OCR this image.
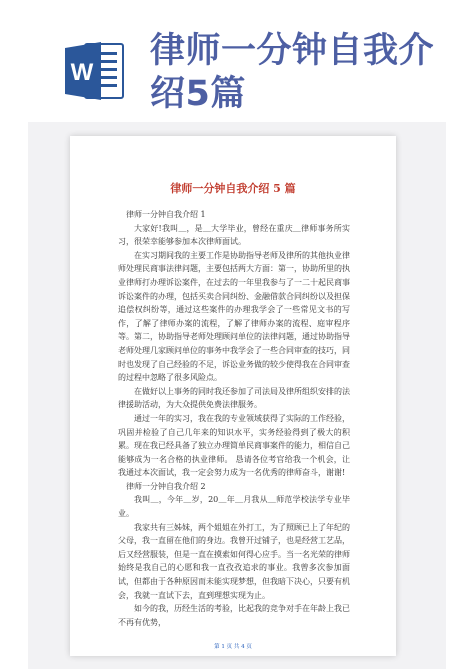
W
律师一分钟自我介
绍5篇
律师一分钟自我介绍 5 篇

律师一分钟自我介绍 1

大家好!我叫＿，是＿大学毕业，曾经在重庆＿律师事务所实习，很荣幸能够参加本次律师面试。

在实习期间我的主要工作是协助指导老师及律所的其他执业律师处理民商事法律问题，主要包括两大方面：第一，协助所里的执业律师打办理诉讼案件，在过去的一年里我参与了一二十起民商事诉讼案件的办理，包括买卖合同纠纷、金融借款合同纠纷以及担保追偿权纠纷等，通过这些案件的办理我学会了一些常见文书的写作，了解了律师办案的流程，了解了律师办案的流程、庭审程序等。第二，协助指导老师处理顾问单位的法律问题，通过协助指导老师处理几家顾问单位的事务中我学会了一些合同审查的技巧，同时也发现了自己经验的不足，诉讼业务做的较少使得我在合同审查的过程中忽略了很多风险点。

在做好以上事务的同时我还参加了司法局及律所组织安排的法律援助活动，为大众提供免费法律服务。

通过一年的实习，我在我的专业领域获得了实际的工作经验，巩固并检验了自己几年来的知识水平，实务经验得到了极大的积累。现在我已经具备了独立办理简单民商事案件的能力，相信自己能够成为一名合格的执业律师。 恳请各位考官给我一个机会，让我通过本次面试，我一定会努力成为一名优秀的律师奋斗，谢谢!

律师一分钟自我介绍 2

我叫＿，今年＿岁，20＿年＿月我从＿师范学校法学专业毕业。

我家共有三姊妹，两个姐姐在外打工，为了照顾已上了年纪的父母，我一直留在他们的身边。我曾开过铺子，也是经营工艺品，后又经营服装，但是一直在摸索如何得心应手。当一名光荣的律师始终是我自己的心愿和我一直孜孜追求的事业。我曾多次参加面试，但都由于各种原因而未能实现梦想，但我暗下决心，只要有机会，我就一直试下去，直到理想实现为止。

如今的我，历经生活的考验，比起我的竞争对手在年龄上我已不再有优势，

第 1 页 共 4 页
